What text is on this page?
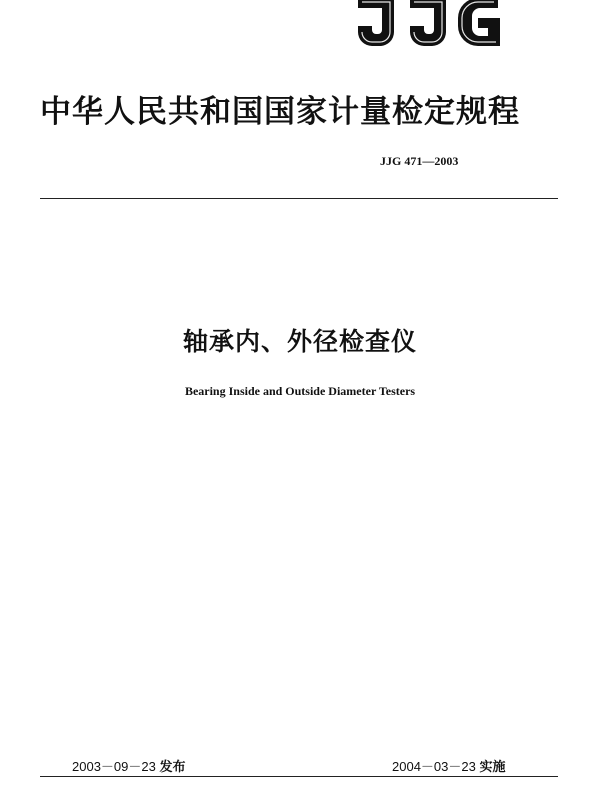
中华人民共和国国家计量检定规程
JJG 471—2003
轴承内、外径检查仪
Bearing Inside and Outside Diameter Testers
2003－09－23 发布	2004－03－23 实施
